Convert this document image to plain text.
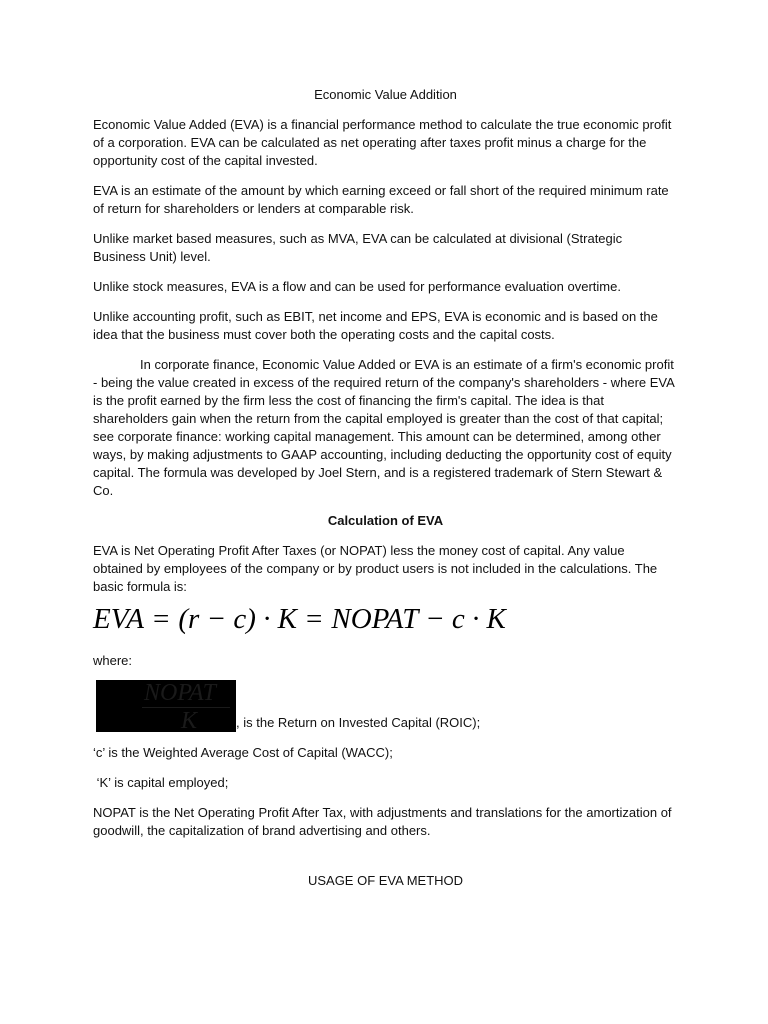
Economic Value Addition

Economic Value Added (EVA) is a financial performance method to calculate the true economic profit of a corporation. EVA can be calculated as net operating after taxes profit minus a charge for the opportunity cost of the capital invested.

EVA is an estimate of the amount by which earning exceed or fall short of the required minimum rate of return for shareholders or lenders at comparable risk.

Unlike market based measures, such as MVA, EVA can be calculated at divisional (Strategic Business Unit) level.

Unlike stock measures, EVA is a flow and can be used for performance evaluation overtime.

Unlike accounting profit, such as EBIT, net income and EPS, EVA is economic and is based on the idea that the business must cover both the operating costs and the capital costs.

In corporate finance, Economic Value Added or EVA is an estimate of a firm's economic profit - being the value created in excess of the required return of the company's shareholders - where EVA is the profit earned by the firm less the cost of financing the firm's capital. The idea is that shareholders gain when the return from the capital employed is greater than the cost of that capital; see corporate finance: working capital management. This amount can be determined, among other ways, by making adjustments to GAAP accounting, including deducting the opportunity cost of equity capital. The formula was developed by Joel Stern, and is a registered trademark of Stern Stewart & Co.

Calculation of EVA

EVA is Net Operating Profit After Taxes (or NOPAT) less the money cost of capital. Any value obtained by employees of the company or by product users is not included in the calculations. The basic formula is:

EVA = (r − c) · K = NOPAT − c · K

where:

$\frac{\text{NOPAT}}{K}$ , is the Return on Invested Capital (ROIC);

‘c’ is the Weighted Average Cost of Capital (WACC);

‘K’ is capital employed;

NOPAT is the Net Operating Profit After Tax, with adjustments and translations for the amortization of goodwill, the capitalization of brand advertising and others.

USAGE OF EVA METHOD
